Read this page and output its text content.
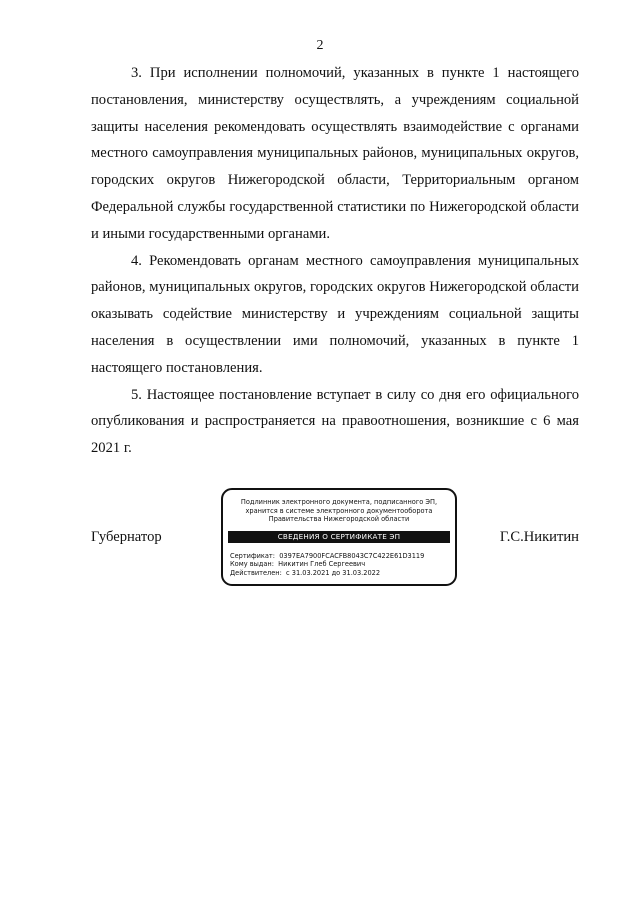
2

3. При исполнении полномочий, указанных в пункте 1 настоящего постановления, министерству осуществлять, а учреждениям социальной защиты населения рекомендовать осуществлять взаимодействие с органами местного самоуправления муниципальных районов, муниципальных округов, городских округов Нижегородской области, Территориальным органом Федеральной службы государственной статистики по Нижегородской области и иными государственными органами.

4. Рекомендовать органам местного самоуправления муниципальных районов, муниципальных округов, городских округов Нижегородской области оказывать содействие министерству и учреждениям социальной защиты населения в осуществлении ими полномочий, указанных в пункте 1 настоящего постановления.

5. Настоящее постановление вступает в силу со дня его официального опубликования и распространяется на правоотношения, возникшие с 6 мая 2021 г.

Губернатор	Г.С.Никитин
Подлинник электронного документа, подписанного ЭП,
хранится в системе электронного документооборота
Правительства Нижегородской области
СВЕДЕНИЯ О СЕРТИФИКАТЕ ЭП
Сертификат: 0397EA7900FCACFB8043C7C422E61D3119
Кому выдан: Никитин Глеб Сергеевич
Действителен: с 31.03.2021 до 31.03.2022
